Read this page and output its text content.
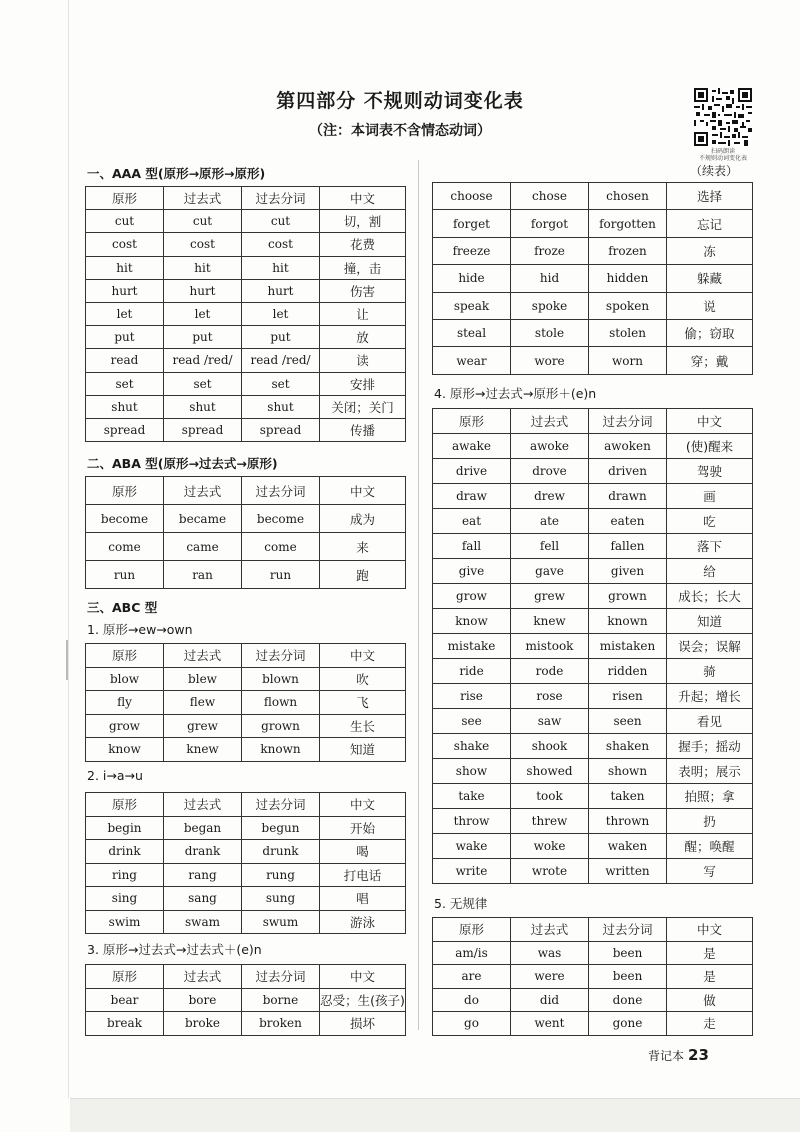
第四部分 不规则动词变化表
（注：本词表不含情态动词）
扫码朗读
不规则动词变化表
一、AAA 型(原形→原形→原形)
原形	过去式	过去分词	中文
cut	cut	cut	切，割
cost	cost	cost	花费
hit	hit	hit	撞，击
hurt	hurt	hurt	伤害
let	let	let	让
put	put	put	放
read	read /red/	read /red/	读
set	set	set	安排
shut	shut	shut	关闭；关门
spread	spread	spread	传播
二、ABA 型(原形→过去式→原形)
原形	过去式	过去分词	中文
become	became	become	成为
come	came	come	来
run	ran	run	跑
三、ABC 型
1. 原形→ew→own
原形	过去式	过去分词	中文
blow	blew	blown	吹
fly	flew	flown	飞
grow	grew	grown	生长
know	knew	known	知道
2. i→a→u
原形	过去式	过去分词	中文
begin	began	begun	开始
drink	drank	drunk	喝
ring	rang	rung	打电话
sing	sang	sung	唱
swim	swam	swum	游泳
3. 原形→过去式→过去式＋(e)n
原形	过去式	过去分词	中文
bear	bore	borne	忍受；生(孩子)
break	broke	broken	损坏
（续表）
choose	chose	chosen	选择
forget	forgot	forgotten	忘记
freeze	froze	frozen	冻
hide	hid	hidden	躲藏
speak	spoke	spoken	说
steal	stole	stolen	偷；窃取
wear	wore	worn	穿；戴
4. 原形→过去式→原形＋(e)n
原形	过去式	过去分词	中文
awake	awoke	awoken	(使)醒来
drive	drove	driven	驾驶
draw	drew	drawn	画
eat	ate	eaten	吃
fall	fell	fallen	落下
give	gave	given	给
grow	grew	grown	成长；长大
know	knew	known	知道
mistake	mistook	mistaken	误会；误解
ride	rode	ridden	骑
rise	rose	risen	升起；增长
see	saw	seen	看见
shake	shook	shaken	握手；摇动
show	showed	shown	表明；展示
take	took	taken	拍照；拿
throw	threw	thrown	扔
wake	woke	waken	醒；唤醒
write	wrote	written	写
5. 无规律
原形	过去式	过去分词	中文
am/is	was	been	是
are	were	been	是
do	did	done	做
go	went	gone	走
背记本 23
